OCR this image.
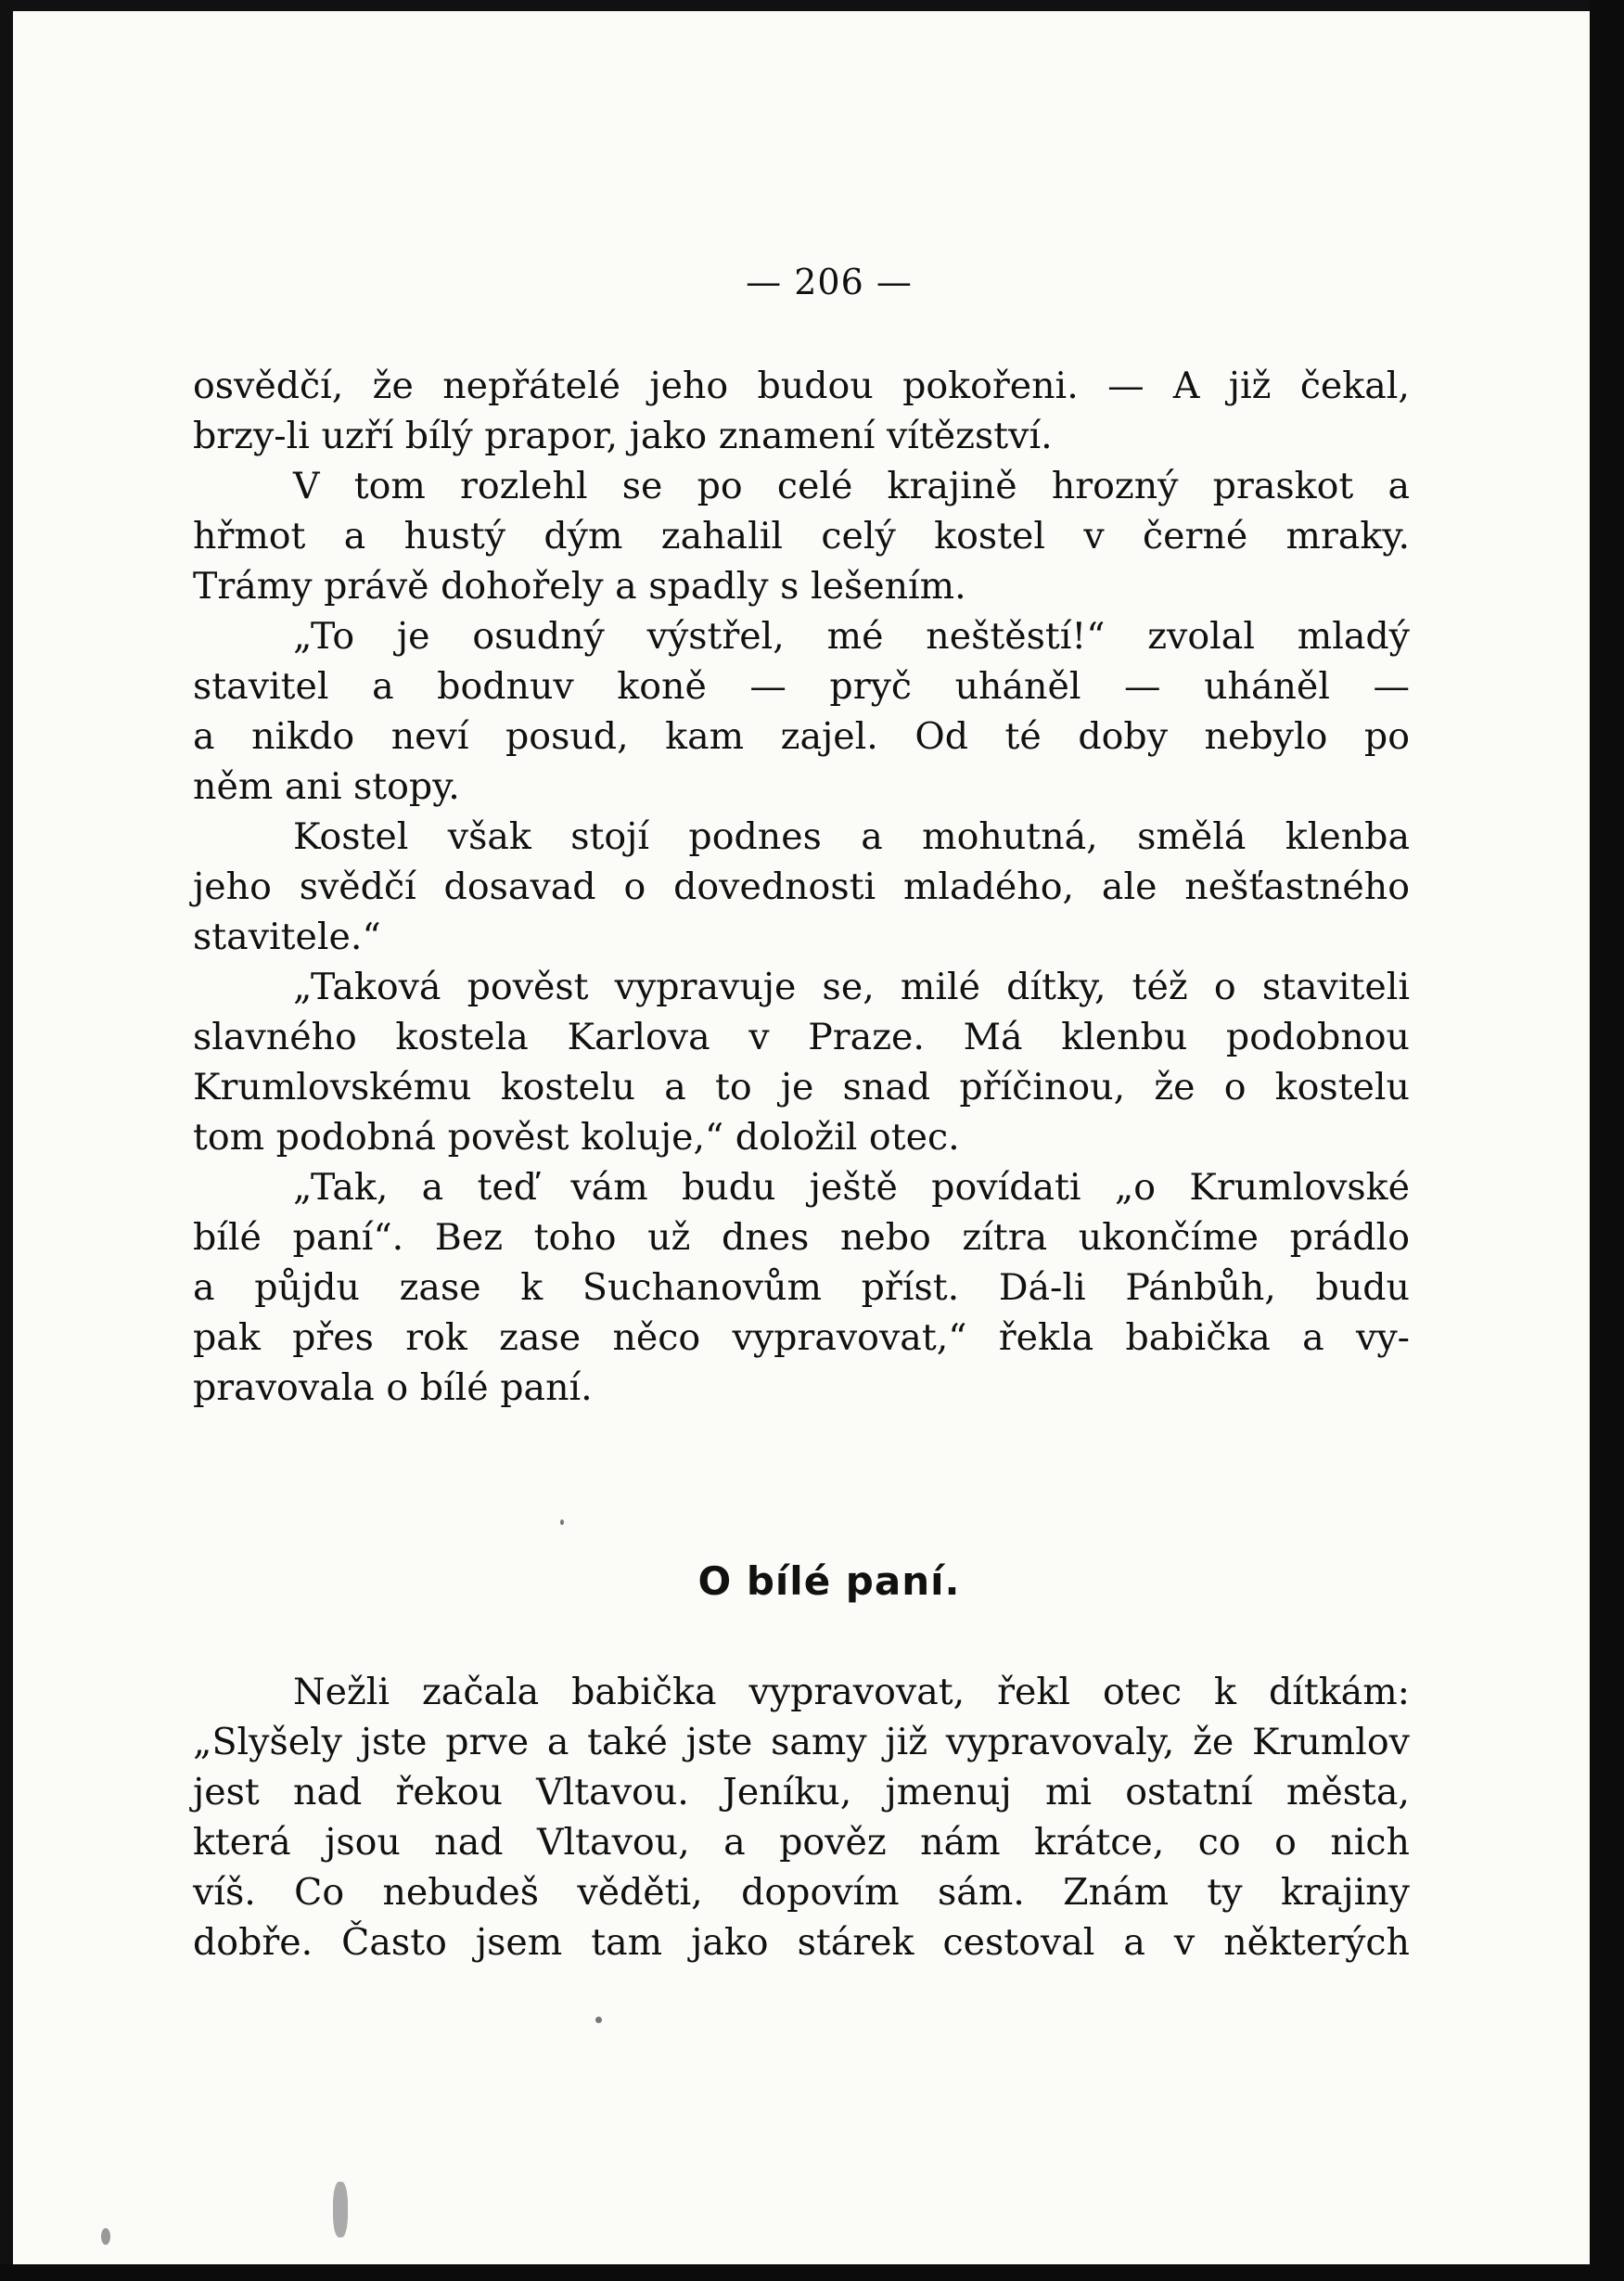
— 206 —
osvědčí, že nepřátelé jeho budou pokořeni. — A již čekal,
brzy-li uzří bílý prapor, jako znamení vítězství.
V tom rozlehl se po celé krajině hrozný praskot a
hřmot a hustý dým zahalil celý kostel v černé mraky.
Trámy právě dohořely a spadly s lešením.
„To je osudný výstřel, mé neštěstí!“ zvolal mladý
stavitel a bodnuv koně — pryč uháněl — uháněl —
a nikdo neví posud, kam zajel. Od té doby nebylo po
něm ani stopy.
Kostel však stojí podnes a mohutná, smělá klenba
jeho svědčí dosavad o dovednosti mladého, ale nešťastného
stavitele.“
„Taková pověst vypravuje se, milé dítky, též o staviteli
slavného kostela Karlova v Praze. Má klenbu podobnou
Krumlovskému kostelu a to je snad příčinou, že o kostelu
tom podobná pověst koluje,“ doložil otec.
„Tak, a teď vám budu ještě povídati „o Krumlovské
bílé paní“. Bez toho už dnes nebo zítra ukončíme prádlo
a půjdu zase k Suchanovům příst. Dá-li Pánbůh, budu
pak přes rok zase něco vypravovat,“ řekla babička a vy-
pravovala o bílé paní.
O bílé paní.
Nežli začala babička vypravovat, řekl otec k dítkám:
„Slyšely jste prve a také jste samy již vypravovaly, že Krumlov
jest nad řekou Vltavou. Jeníku, jmenuj mi ostatní města,
která jsou nad Vltavou, a pověz nám krátce, co o nich
víš. Co nebudeš věděti, dopovím sám. Znám ty krajiny
dobře. Často jsem tam jako stárek cestoval a v některých
